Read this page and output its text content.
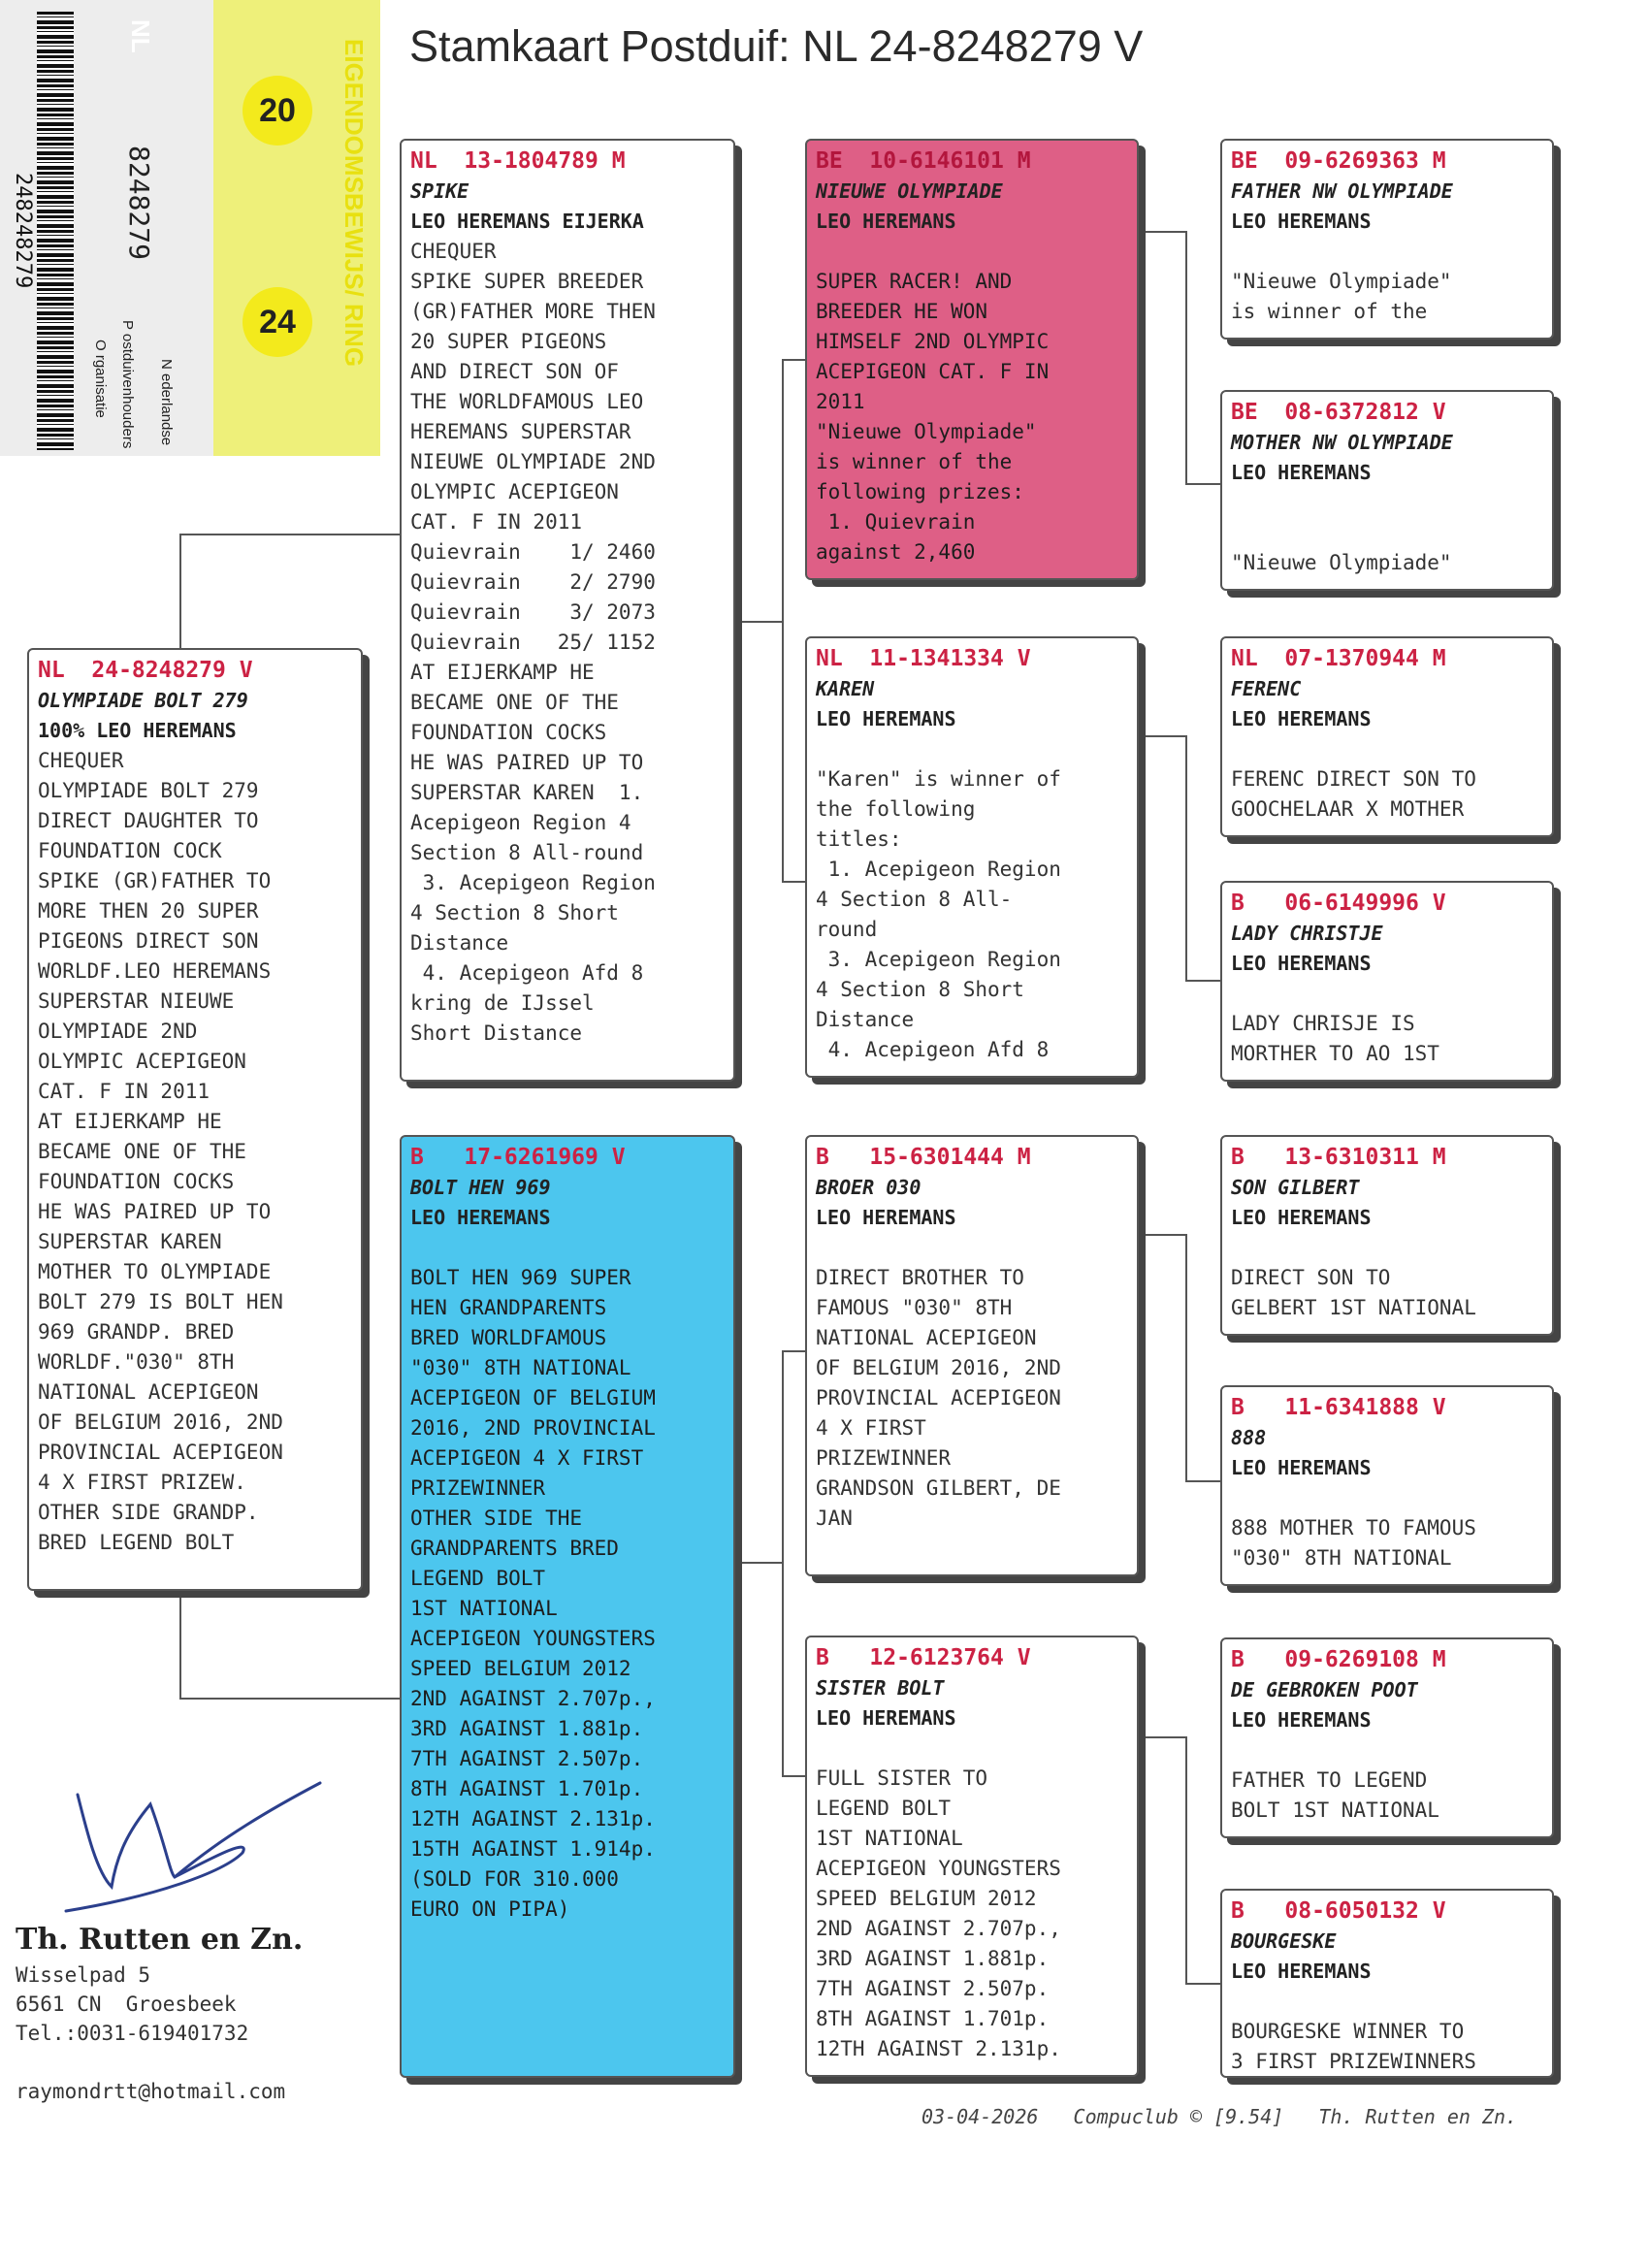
248248279	8248279	EIGENDOMSBEWIJS/ RING
NL
20
24
N ederlandse
P ostduivenhouders
O rganisatie
Stamkaart Postduif: NL 24-8248279 V
NL  24-8248279 V
OLYMPIADE BOLT 279
100% LEO HEREMANS
CHEQUER
OLYMPIADE BOLT 279
DIRECT DAUGHTER TO
FOUNDATION COCK
SPIKE (GR)FATHER TO
MORE THEN 20 SUPER
PIGEONS DIRECT SON
WORLDF.LEO HEREMANS
SUPERSTAR NIEUWE
OLYMPIADE 2ND
OLYMPIC ACEPIGEON
CAT. F IN 2011
AT EIJERKAMP HE
BECAME ONE OF THE
FOUNDATION COCKS
HE WAS PAIRED UP TO
SUPERSTAR KAREN
MOTHER TO OLYMPIADE
BOLT 279 IS BOLT HEN
969 GRANDP. BRED
WORLDF."030" 8TH
NATIONAL ACEPIGEON
OF BELGIUM 2016, 2ND
PROVINCIAL ACEPIGEON
4 X FIRST PRIZEW.
OTHER SIDE GRANDP.
BRED LEGEND BOLT
NL  13-1804789 M
SPIKE
LEO HEREMANS EIJERKA
CHEQUER
SPIKE SUPER BREEDER
(GR)FATHER MORE THEN
20 SUPER PIGEONS
AND DIRECT SON OF
THE WORLDFAMOUS LEO
HEREMANS SUPERSTAR
NIEUWE OLYMPIADE 2ND
OLYMPIC ACEPIGEON
CAT. F IN 2011
Quievrain    1/ 2460
Quievrain    2/ 2790
Quievrain    3/ 2073
Quievrain   25/ 1152
AT EIJERKAMP HE
BECAME ONE OF THE
FOUNDATION COCKS
HE WAS PAIRED UP TO
SUPERSTAR KAREN  1.
Acepigeon Region 4
Section 8 All-round
3. Acepigeon Region
4 Section 8 Short
Distance
4. Acepigeon Afd 8
kring de IJssel
Short Distance
B   17-6261969 V
BOLT HEN 969
LEO HEREMANS
BOLT HEN 969 SUPER
HEN GRANDPARENTS
BRED WORLDFAMOUS
"030" 8TH NATIONAL
ACEPIGEON OF BELGIUM
2016, 2ND PROVINCIAL
ACEPIGEON 4 X FIRST
PRIZEWINNER
OTHER SIDE THE
GRANDPARENTS BRED
LEGEND BOLT
1ST NATIONAL
ACEPIGEON YOUNGSTERS
SPEED BELGIUM 2012
2ND AGAINST 2.707p.,
3RD AGAINST 1.881p.
7TH AGAINST 2.507p.
8TH AGAINST 1.701p.
12TH AGAINST 2.131p.
15TH AGAINST 1.914p.
(SOLD FOR 310.000
EURO ON PIPA)
BE  10-6146101 M
NIEUWE OLYMPIADE
LEO HEREMANS
SUPER RACER! AND
BREEDER HE WON
HIMSELF 2ND OLYMPIC
ACEPIGEON CAT. F IN
2011
"Nieuwe Olympiade"
is winner of the
following prizes:
1. Quievrain
against 2,460
NL  11-1341334 V
KAREN
LEO HEREMANS
"Karen" is winner of
the following
titles:
1. Acepigeon Region
4 Section 8 All-
round
3. Acepigeon Region
4 Section 8 Short
Distance
4. Acepigeon Afd 8
B   15-6301444 M
BROER 030
LEO HEREMANS
DIRECT BROTHER TO
FAMOUS "030" 8TH
NATIONAL ACEPIGEON
OF BELGIUM 2016, 2ND
PROVINCIAL ACEPIGEON
4 X FIRST
PRIZEWINNER
GRANDSON GILBERT, DE
JAN
B   12-6123764 V
SISTER BOLT
LEO HEREMANS
FULL SISTER TO
LEGEND BOLT
1ST NATIONAL
ACEPIGEON YOUNGSTERS
SPEED BELGIUM 2012
2ND AGAINST 2.707p.,
3RD AGAINST 1.881p.
7TH AGAINST 2.507p.
8TH AGAINST 1.701p.
12TH AGAINST 2.131p.
BE  09-6269363 M
FATHER NW OLYMPIADE
LEO HEREMANS
"Nieuwe Olympiade"
is winner of the
BE  08-6372812 V
MOTHER NW OLYMPIADE
LEO HEREMANS
"Nieuwe Olympiade"
NL  07-1370944 M
FERENC
LEO HEREMANS
FERENC DIRECT SON TO
GOOCHELAAR X MOTHER
B   06-6149996 V
LADY CHRISTJE
LEO HEREMANS
LADY CHRISJE IS
MORTHER TO AO 1ST
B   13-6310311 M
SON GILBERT
LEO HEREMANS
DIRECT SON TO
GELBERT 1ST NATIONAL
B   11-6341888 V
888
LEO HEREMANS
888 MOTHER TO FAMOUS
"030" 8TH NATIONAL
B   09-6269108 M
DE GEBROKEN POOT
LEO HEREMANS
FATHER TO LEGEND
BOLT 1ST NATIONAL
B   08-6050132 V
BOURGESKE
LEO HEREMANS
BOURGESKE WINNER TO
3 FIRST PRIZEWINNERS
Th. Rutten en Zn.
Wisselpad 5
6561 CN  Groesbeek
Tel.:0031-619401732
raymondrtt@hotmail.com
03-04-2026   Compuclub © [9.54]   Th. Rutten en Zn.
